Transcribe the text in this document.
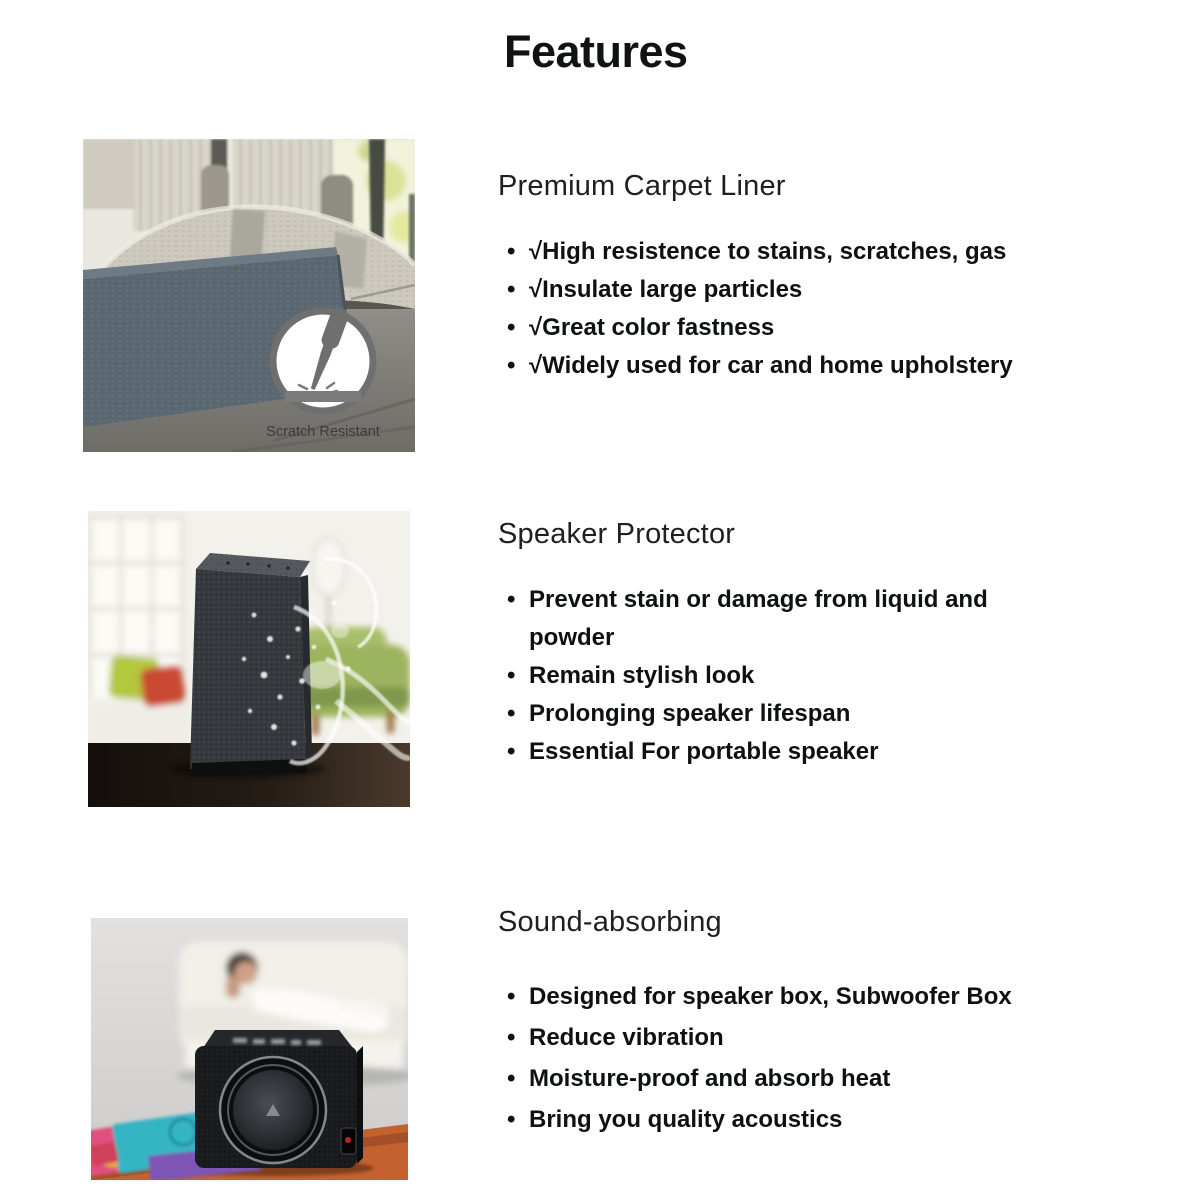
Features
Scratch Resistant
Premium Carpet Liner
• √High resistence to stains, scratches, gas
• √Insulate large particles
• √Great color fastness
• √Widely used for car and home upholstery
Speaker Protector
• Prevent stain or damage from liquid and powder
• Remain stylish look
• Prolonging speaker lifespan
• Essential For portable speaker
Sound-absorbing
• Designed for speaker box, Subwoofer Box
• Reduce vibration
• Moisture-proof and absorb heat
• Bring you quality acoustics
